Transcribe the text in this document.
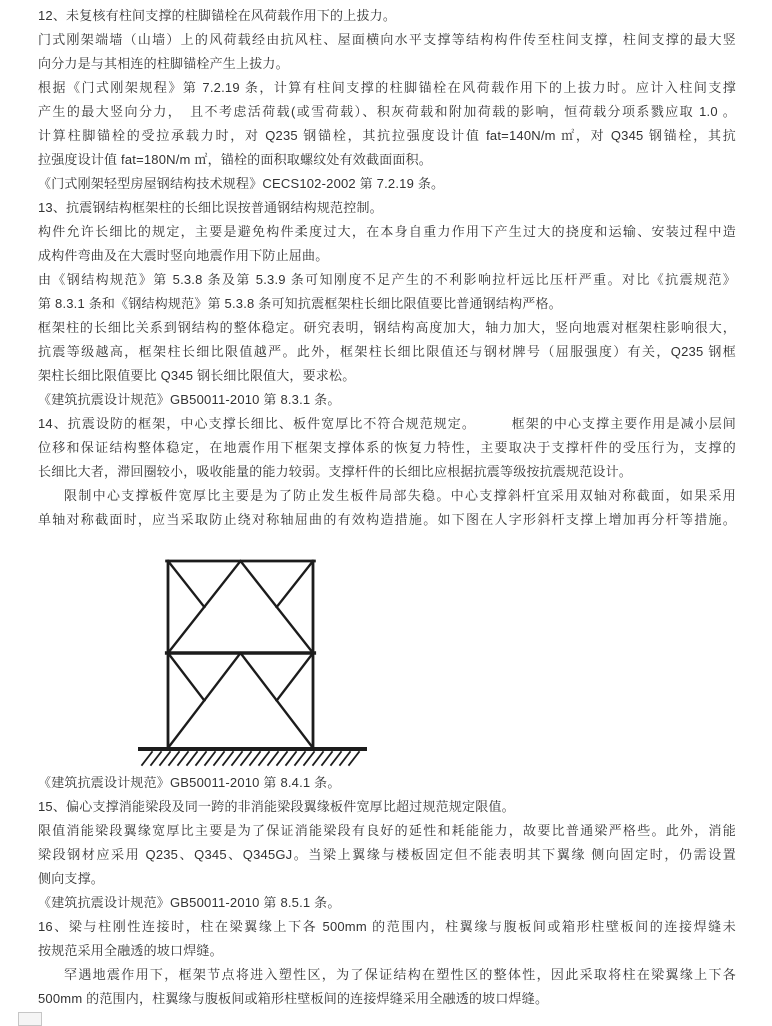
12、未复核有柱间支撑的柱脚锚栓在风荷载作用下的上拔力。
门式刚架端墙（山墙）上的风荷载经由抗风柱、屋面横向水平支撑等结构构件传至柱间支撑，柱间支撑的最大竖
向分力是与其相连的柱脚锚栓产生上拔力。
根据《门式刚架规程》第 7.2.19 条，计算有柱间支撑的柱脚锚栓在风荷载作用下的上拔力时。应计入柱间支撑
产生的最大竖向分力，　且不考虑活荷载(或雪荷载）、积灰荷载和附加荷载的影响，恒荷载分项系戮应取 1.0 。
计算柱脚锚栓的受拉承载力时，对 Q235 钢锚栓，其抗拉强度设计值 fat=140N/m ㎡，对 Q345 钢锚栓，其抗
拉强度设计值 fat=180N/m ㎡，锚栓的面积取螺纹处有效截面面积。
《门式刚架轻型房屋钢结构技术规程》CECS102-2002 第 7.2.19 条。
13、抗震钢结构框架柱的长细比误按普通钢结构规范控制。
构件允许长细比的规定，主要是避免构件柔度过大，在本身自重力作用下产生过大的挠度和运输、安装过程中造
成构件弯曲及在大震时竖向地震作用下防止屈曲。
由《钢结构规范》第 5.3.8 条及第 5.3.9 条可知刚度不足产生的不利影响拉杆远比压杆严重。对比《抗震规范》
第 8.3.1 条和《钢结构规范》第 5.3.8 条可知抗震框架柱长细比限值要比普通钢结构严格。
框架柱的长细比关系到钢结构的整体稳定。研究表明，钢结构高度加大，轴力加大，竖向地震对框架柱影响很大，
抗震等级越高，框架柱长细比限值越严。此外，框架柱长细比限值还与钢材牌号（屈服强度）有关，Q235 钢框
架柱长细比限值要比 Q345 钢长细比限值大，要求松。
《建筑抗震设计规范》GB50011-2010 第 8.3.1 条。
14、抗震设防的框架，中心支撑长细比、板件宽厚比不符合规范规定。　　　框架的中心支撑主要作用是减小层间
位移和保证结构整体稳定，在地震作用下框架支撑体系的恢复力特性，主要取决于支撑杆件的受压行为，支撑的
长细比大者，滞回圈较小，吸收能量的能力较弱。支撑杆件的长细比应根据抗震等级按抗震规范设计。
限制中心支撑板件宽厚比主要是为了防止发生板件局部失稳。中心支撑斜杆宜采用双轴对称截面，如果采用
单轴对称截面时，应当采取防止绕对称轴屈曲的有效构造措施。如下图在人字形斜杆支撑上增加再分杆等措施。
《建筑抗震设计规范》GB50011-2010 第 8.4.1 条。
15、偏心支撑消能梁段及同一跨的非消能梁段翼缘板件宽厚比超过规范规定限值。
限值消能梁段翼缘宽厚比主要是为了保证消能梁段有良好的延性和耗能能力，故要比普通梁严格些。此外，消能
梁段钢材应采用 Q235、Q345、Q345GJ。当梁上翼缘与楼板固定但不能表明其下翼缘 侧向固定时，仍需设置
侧向支撑。
《建筑抗震设计规范》GB50011-2010 第 8.5.1 条。
16、梁与柱刚性连接时，柱在梁翼缘上下各 500mm 的范围内，柱翼缘与腹板间或箱形柱壁板间的连接焊缝未
按规范采用全融透的坡口焊缝。
罕遇地震作用下，框架节点将进入塑性区，为了保证结构在塑性区的整体性，因此采取将柱在梁翼缘上下各
500mm 的范围内，柱翼缘与腹板间或箱形柱壁板间的连接焊缝采用全融透的坡口焊缝。
